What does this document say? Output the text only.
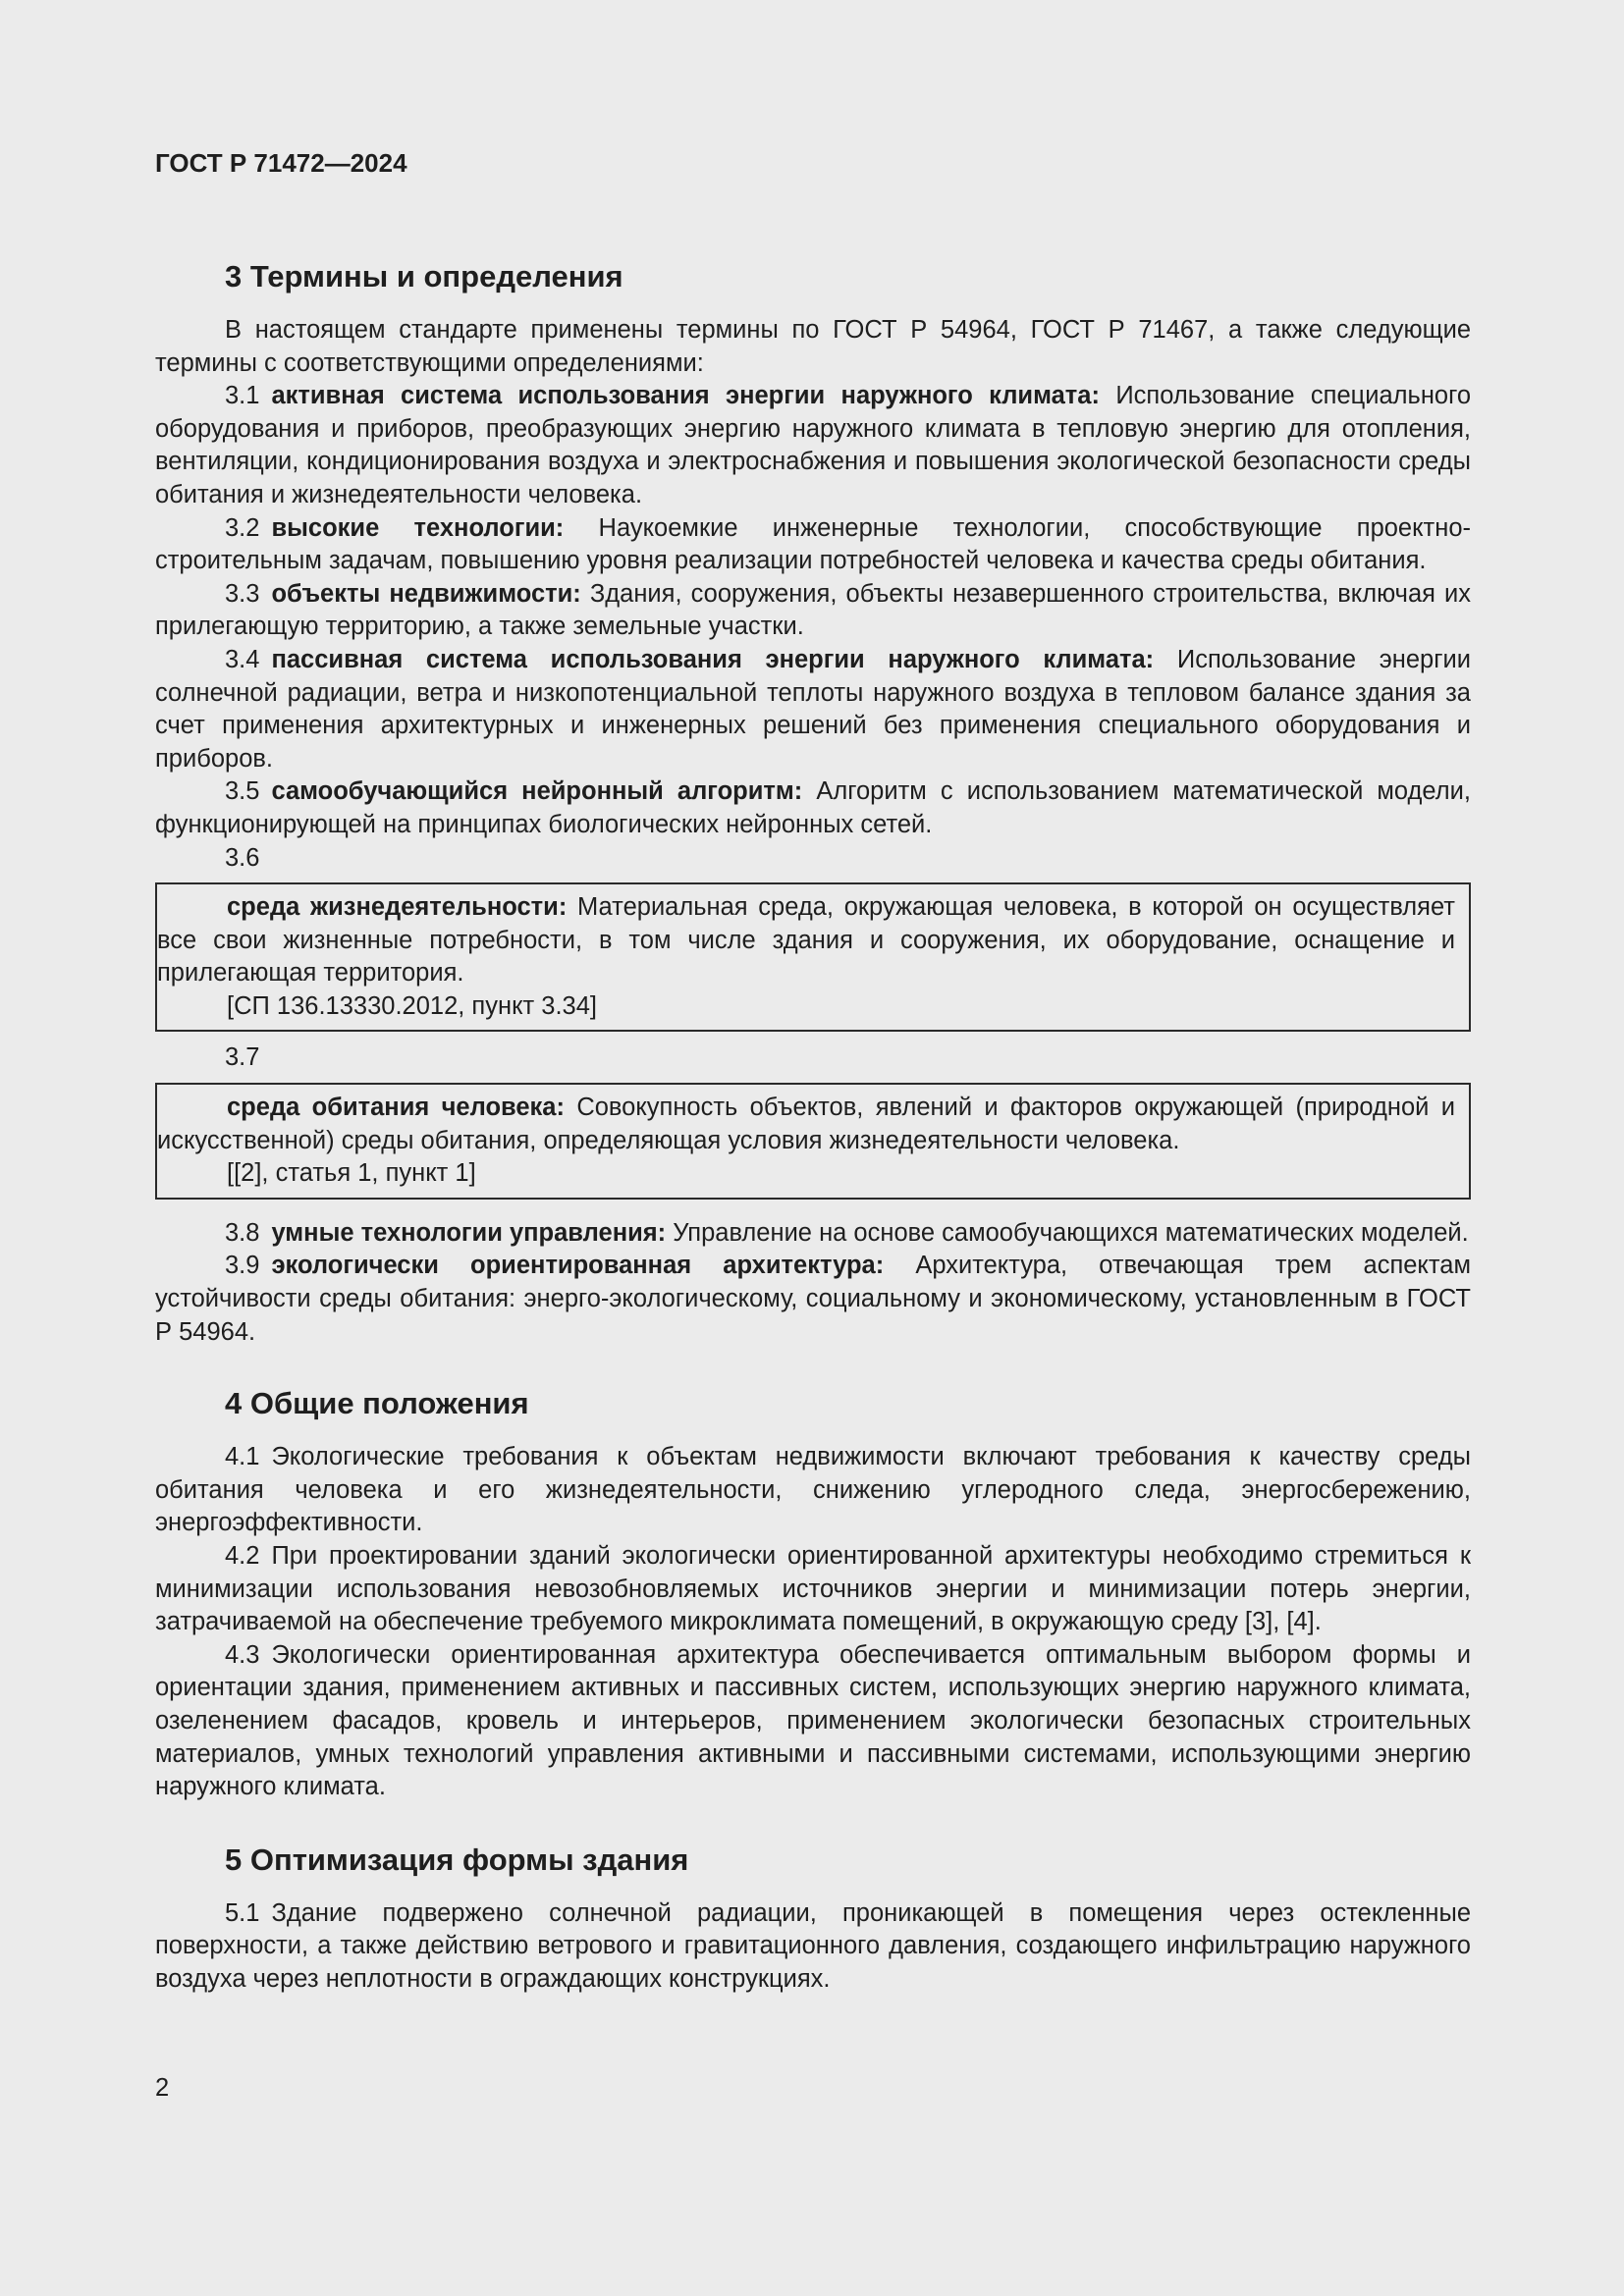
ГОСТ Р 71472—2024
3 Термины и определения

В настоящем стандарте применены термины по ГОСТ Р 54964, ГОСТ Р 71467, а также следующие термины с соответствующими определениями:

3.1 активная система использования энергии наружного климата: Использование специального оборудования и приборов, преобразующих энергию наружного климата в тепловую энергию для отопления, вентиляции, кондиционирования воздуха и электроснабжения и повышения экологической безопасности среды обитания и жизнедеятельности человека.

3.2 высокие технологии: Наукоемкие инженерные технологии, способствующие проектно-строительным задачам, повышению уровня реализации потребностей человека и качества среды обитания.

3.3 объекты недвижимости: Здания, сооружения, объекты незавершенного строительства, включая их прилегающую территорию, а также земельные участки.

3.4 пассивная система использования энергии наружного климата: Использование энергии солнечной радиации, ветра и низкопотенциальной теплоты наружного воздуха в тепловом балансе здания за счет применения архитектурных и инженерных решений без применения специального оборудования и приборов.

3.5 самообучающийся нейронный алгоритм: Алгоритм с использованием математической модели, функционирующей на принципах биологических нейронных сетей.

3.6

среда жизнедеятельности: Материальная среда, окружающая человека, в которой он осуществляет все свои жизненные потребности, в том числе здания и сооружения, их оборудование, оснащение и прилегающая территория.

[СП 136.13330.2012, пункт 3.34]

3.7

среда обитания человека: Совокупность объектов, явлений и факторов окружающей (природной и искусственной) среды обитания, определяющая условия жизнедеятельности человека.

[[2], статья 1, пункт 1]

3.8 умные технологии управления: Управление на основе самообучающихся математических моделей.

3.9 экологически ориентированная архитектура: Архитектура, отвечающая трем аспектам устойчивости среды обитания: энерго-экологическому, социальному и экономическому, установленным в ГОСТ Р 54964.

4 Общие положения

4.1 Экологические требования к объектам недвижимости включают требования к качеству среды обитания человека и его жизнедеятельности, снижению углеродного следа, энергосбережению, энергоэффективности.

4.2 При проектировании зданий экологически ориентированной архитектуры необходимо стремиться к минимизации использования невозобновляемых источников энергии и минимизации потерь энергии, затрачиваемой на обеспечение требуемого микроклимата помещений, в окружающую среду [3], [4].

4.3 Экологически ориентированная архитектура обеспечивается оптимальным выбором формы и ориентации здания, применением активных и пассивных систем, использующих энергию наружного климата, озеленением фасадов, кровель и интерьеров, применением экологически безопасных строительных материалов, умных технологий управления активными и пассивными системами, использующими энергию наружного климата.

5 Оптимизация формы здания

5.1 Здание подвержено солнечной радиации, проникающей в помещения через остекленные поверхности, а также действию ветрового и гравитационного давления, создающего инфильтрацию наружного воздуха через неплотности в ограждающих конструкциях.

2
